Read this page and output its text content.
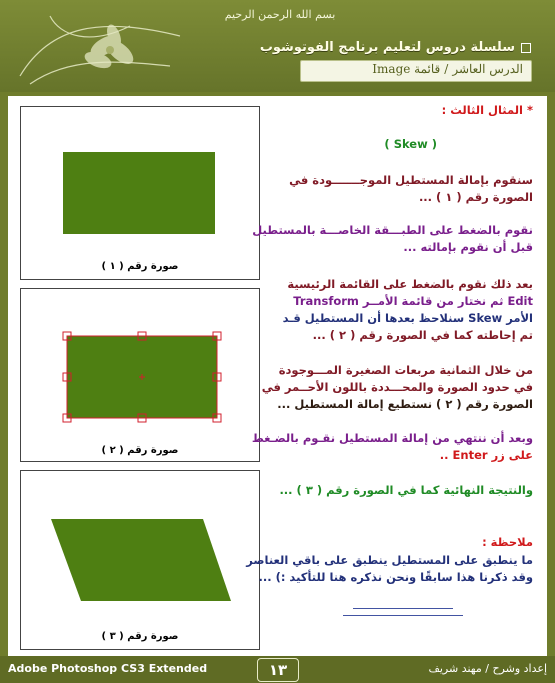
بسم الله الرحمن الرحيم
سلسلة دروس لتعليم برنامج الفوتوشوب
الدرس العاشر/قائمة Image
صورة رقم ( ١ )
صورة رقم ( ٢ )
صورة رقم ( ٣ )
* المثال الثالث :
( Skew )
سنقوم بإمالة المستطيل الموجـــــــودة في
الصورة رقم ( ١ ) ...
نقوم بالضغط على الطبـــقة الخاصـــة بالمستطيل
قبل أن نقوم بإمالته ...
بعد ذلك نقوم بالضغط على القائمة الرئيسية
Edit ثم نختار من قائمة الأمــر Transform
الأمر Skew سنلاحظ بعدها أن المستطيل قـد
تم إحاطته كما في الصورة رقم ( ٢ ) ...
من خلال الثمانية مربعات الصغيرة المـــوجودة
في حدود الصورة والمحـــددة باللون الأحــمر في
الصورة رقم ( ٢ ) نستطيع إمالة المستطيل ...
وبعد أن ننتهي من إمالة المستطيل نقـوم بالضـغط
على زر Enter ..
والنتيجة النهائية كما في الصورة رقم ( ٣ ) ...
ملاحظة :
ما ينطبق على المستطيل ينطبق على باقي العناصر
وقد ذكرنا هذا سابقًا ونحن نذكره هنا للتأكيد :) ...
Adobe Photoshop CS3 Extended	١٣	إعداد وشرح / مهند شريف
